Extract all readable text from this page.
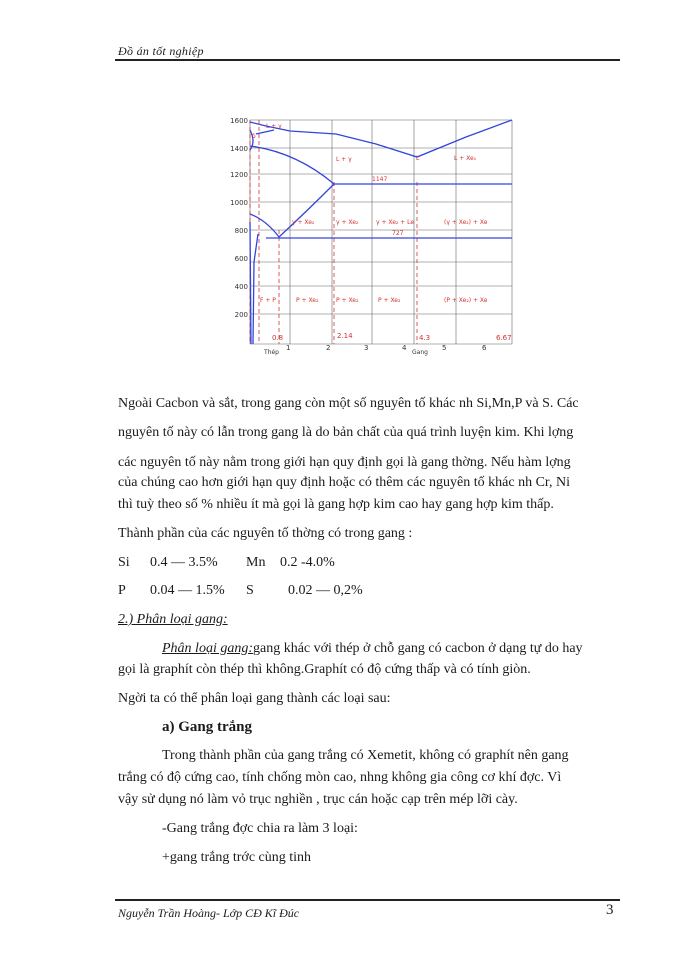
Đồ án tốt nghiệp
1600
1400
1200
1000
800
600
400
200
L + γ
δ
L + γ	L	L + Xe₁
1147
γ + Xe₂	γ + Xe₂	γ + Xe₂ + Le
727
(γ + Xe₂) + Xe
F + P	P + Xe₂	P + Xe₂	P + Xe₂	(P + Xe₂) + Xe
0.8	2.14	4.3	6.67
1	2	3	4	5	6
Thép	Gang
Ngoài Cacbon và sắt, trong gang còn một số nguyên tố khác nh Si,Mn,P và S. Các
nguyên tố này có lẫn trong gang là do bản chất của quá trình luyện kim. Khi lợng
các nguyên tố này nằm trong giới hạn quy định gọi là gang thờng. Nếu hàm lợng
của chúng cao hơn giới hạn quy định hoặc có thêm các nguyên tố khác nh Cr, Ni
thì tuỳ theo số % nhiều ít mà gọi là gang hợp kim cao hay gang hợp kim thấp.
Thành phần của các nguyên tố thờng có trong gang :
Si 0.4 — 3.5% Mn 0.2 -4.0%
P 0.04 — 1.5% S 0.02 — 0,2%
2.) Phân loại gang:
Phân loại gang:gang khác với thép ở chỗ gang có cacbon ở dạng tự do hay
gọi là graphít còn thép thì không.Graphít có độ cứng thấp và có tính giòn.
Ngời ta có thể phân loại gang thành các loại sau:
a) Gang trắng
Trong thành phần của gang trắng có Xemetit, không có graphít nên gang
trắng có độ cứng cao, tính chống mòn cao, nhng không gia công cơ khí đợc. Vì
vậy sử dụng nó làm vỏ trục nghiền , trục cán hoặc cạp trên mép lỡi cày.
-Gang trắng đợc chia ra làm 3 loại:
+gang trắng trớc cùng tinh
Nguyễn Trần Hoàng- Lớp CĐ Kĩ Đúc	3
